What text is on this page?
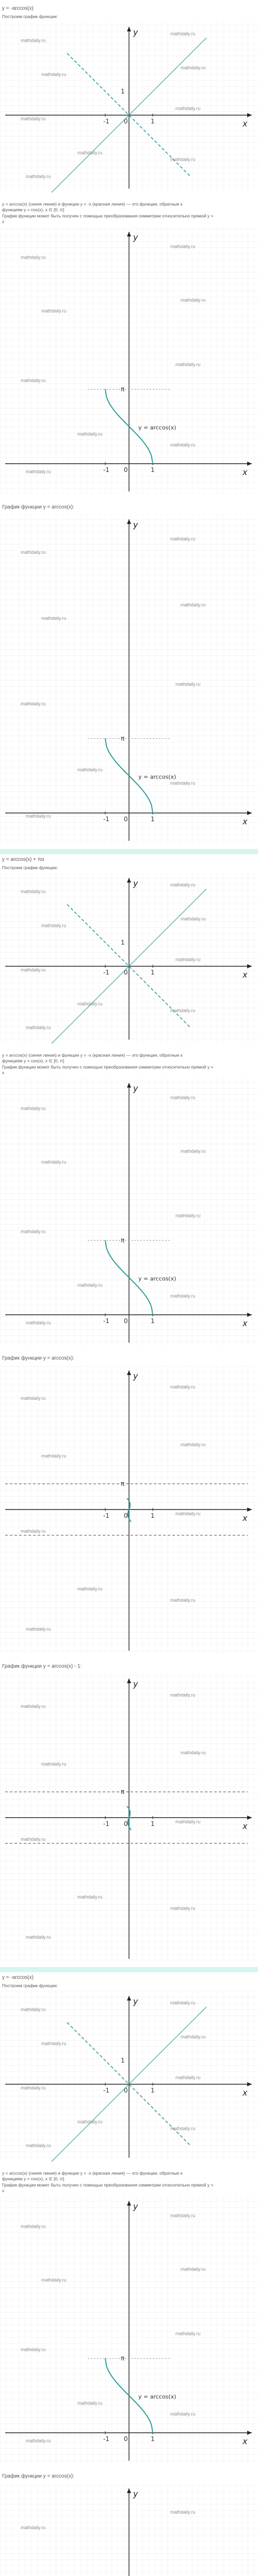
y = -arccos(x)
Построим график функции:
x
y
-1 0	1
1
mathdaily.ru
mathdaily.ru
mathdaily.ru
mathdaily.ru
mathdaily.ru
mathdaily.ru
mathdaily.ru
mathdaily.ru
mathdaily.ru
y = arccos(x) (синяя линия) и функции y = -x (красная линия) — это функции, обратные к функциям y = cos(x), x ∈ [0, π]
График функции может быть получен с помощью преобразования симметрии относительно прямой y = x
x
y
-1 0	1
π
y = arccos(x)
mathdaily.ru
mathdaily.ru
mathdaily.ru
mathdaily.ru
mathdaily.ru
mathdaily.ru
mathdaily.ru
mathdaily.ru
mathdaily.ru
График функции y = arccos(x):
x
y
-1 0	1
π
y = arccos(x)
mathdaily.ru
mathdaily.ru
mathdaily.ru
mathdaily.ru
mathdaily.ru
mathdaily.ru
mathdaily.ru
mathdaily.ru
mathdaily.ru
y = arccos(x) + πα
Построим график функции:
x
y
-1 0	1
1
mathdaily.ru
mathdaily.ru
mathdaily.ru
mathdaily.ru
mathdaily.ru
mathdaily.ru
mathdaily.ru
mathdaily.ru
mathdaily.ru
y = arccos(x) (синяя линия) и функции y = -x (красная линия) — это функции, обратные к функциям y = cos(x), x ∈ [0, π]
График функции может быть получен с помощью преобразования симметрии относительно прямой y = x
x
y
-1 0	1
π
y = arccos(x)
mathdaily.ru
mathdaily.ru
mathdaily.ru
mathdaily.ru
mathdaily.ru
mathdaily.ru
mathdaily.ru
mathdaily.ru
mathdaily.ru
График функции y = arccos(x):
x
y
-1 0	1
π
mathdaily.ru
mathdaily.ru
mathdaily.ru
mathdaily.ru
mathdaily.ru
mathdaily.ru
mathdaily.ru
mathdaily.ru
mathdaily.ru
График функции y = arccos(x) - 1:
x
y
-1 0	1
π
mathdaily.ru
mathdaily.ru
mathdaily.ru
mathdaily.ru
mathdaily.ru
mathdaily.ru
mathdaily.ru
mathdaily.ru
mathdaily.ru
y = -arccos(x)
Построим график функции:
x
y
-1 0	1
1
mathdaily.ru
mathdaily.ru
mathdaily.ru
mathdaily.ru
mathdaily.ru
mathdaily.ru
mathdaily.ru
mathdaily.ru
mathdaily.ru
y = arccos(x) (синяя линия) и функции y = -x (красная линия) — это функции, обратные к функциям y = cos(x), x ∈ [0, π]
График функции может быть получен с помощью преобразования симметрии относительно прямой y = x
x
y
-1 0	1
π
y = arccos(x)
mathdaily.ru
mathdaily.ru
mathdaily.ru
mathdaily.ru
mathdaily.ru
mathdaily.ru
mathdaily.ru
mathdaily.ru
mathdaily.ru
График функции y = arccos(x):
y
mathdaily.ru
mathdaily.ru
